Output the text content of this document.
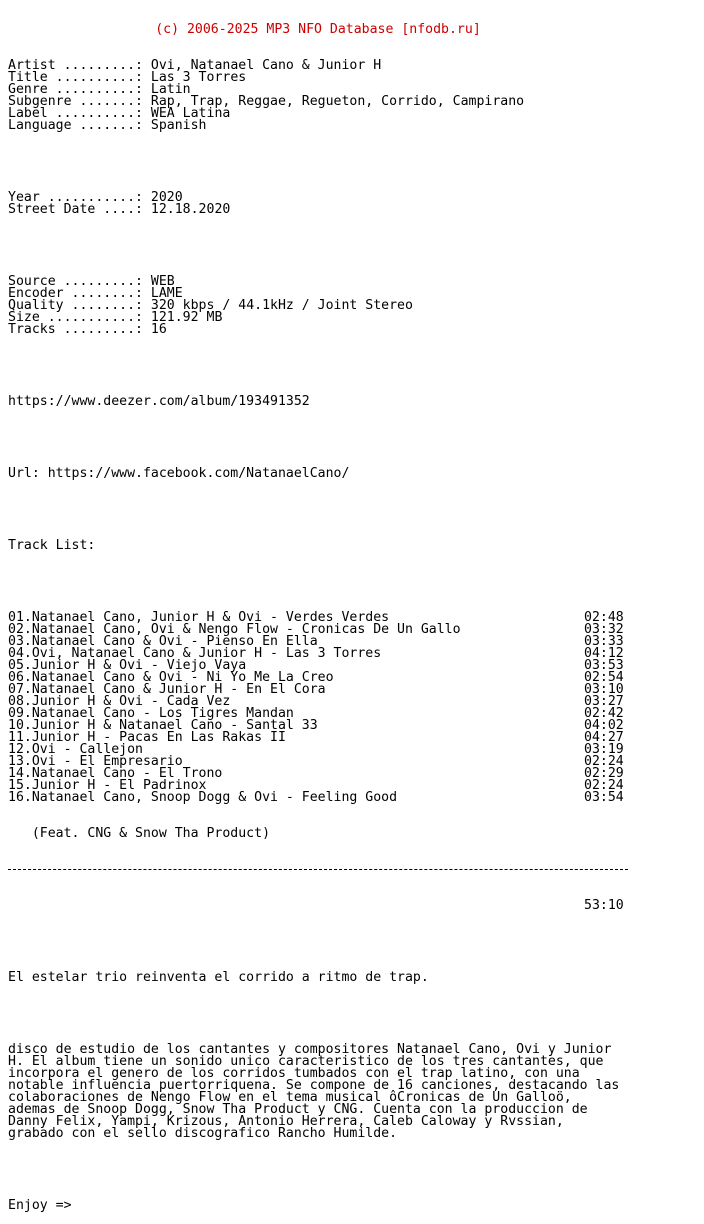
(c) 2006-2025 MP3 NFO Database [nfodb.ru]

Artist .........: Ovi, Natanael Cano & Junior H
Title ..........: Las 3 Torres
Genre ..........: Latin
Subgenre .......: Rap, Trap, Reggae, Regueton, Corrido, Campirano
Label ..........: WEA Latina
Language .......: Spanish

Year ...........: 2020
Street Date ....: 12.18.2020

Source .........: WEB
Encoder ........: LAME
Quality ........: 320 kbps / 44.1kHz / Joint Stereo
Size ...........: 121.92 MB
Tracks .........: 16

https://www.deezer.com/album/193491352

Url: https://www.facebook.com/NatanaelCano/

Track List:

01.Natanael Cano, Junior H & Ovi - Verdes Verdes	02:48
02.Natanael Cano, Ovi & Nengo Flow - Cronicas De Un Gallo	03:32
03.Natanael Cano & Ovi - Pienso En Ella	03:33
04.Ovi, Natanael Cano & Junior H - Las 3 Torres	04:12
05.Junior H & Ovi - Viejo Vaya	03:53
06.Natanael Cano & Ovi - Ni Yo Me La Creo	02:54
07.Natanael Cano & Junior H - En El Cora	03:10
08.Junior H & Ovi - Cada Vez	03:27
09.Natanael Cano - Los Tigres Mandan	02:42
10.Junior H & Natanael Cano - Santal 33	04:02
11.Junior H - Pacas En Las Rakas II	04:27
12.Ovi - Callejon	03:19
13.Ovi - El Empresario	02:24
14.Natanael Cano - El Trono	02:29
15.Junior H - El Padrinox	02:24
16.Natanael Cano, Snoop Dogg & Ovi - Feeling Good	03:54

(Feat. CNG & Snow Tha Product)

53:10

El estelar trio reinventa el corrido a ritmo de trap.

disco de estudio de los cantantes y compositores Natanael Cano, Ovi y Junior
H. El album tiene un sonido unico caracteristico de los tres cantantes, que
incorpora el genero de los corridos tumbados con el trap latino, con una
notable influencia puertorriquena. Se compone de 16 canciones, destacando las
colaboraciones de Nengo Flow en el tema musical ôCronicas de Un Galloö,
ademas de Snoop Dogg, Snow Tha Product y CNG. Cuenta con la produccion de
Danny Felix, Yampi, Krizous, Antonio Herrera, Caleb Caloway y Rvssian,
grabado con el sello discografico Rancho Humilde.

Enjoy =>
